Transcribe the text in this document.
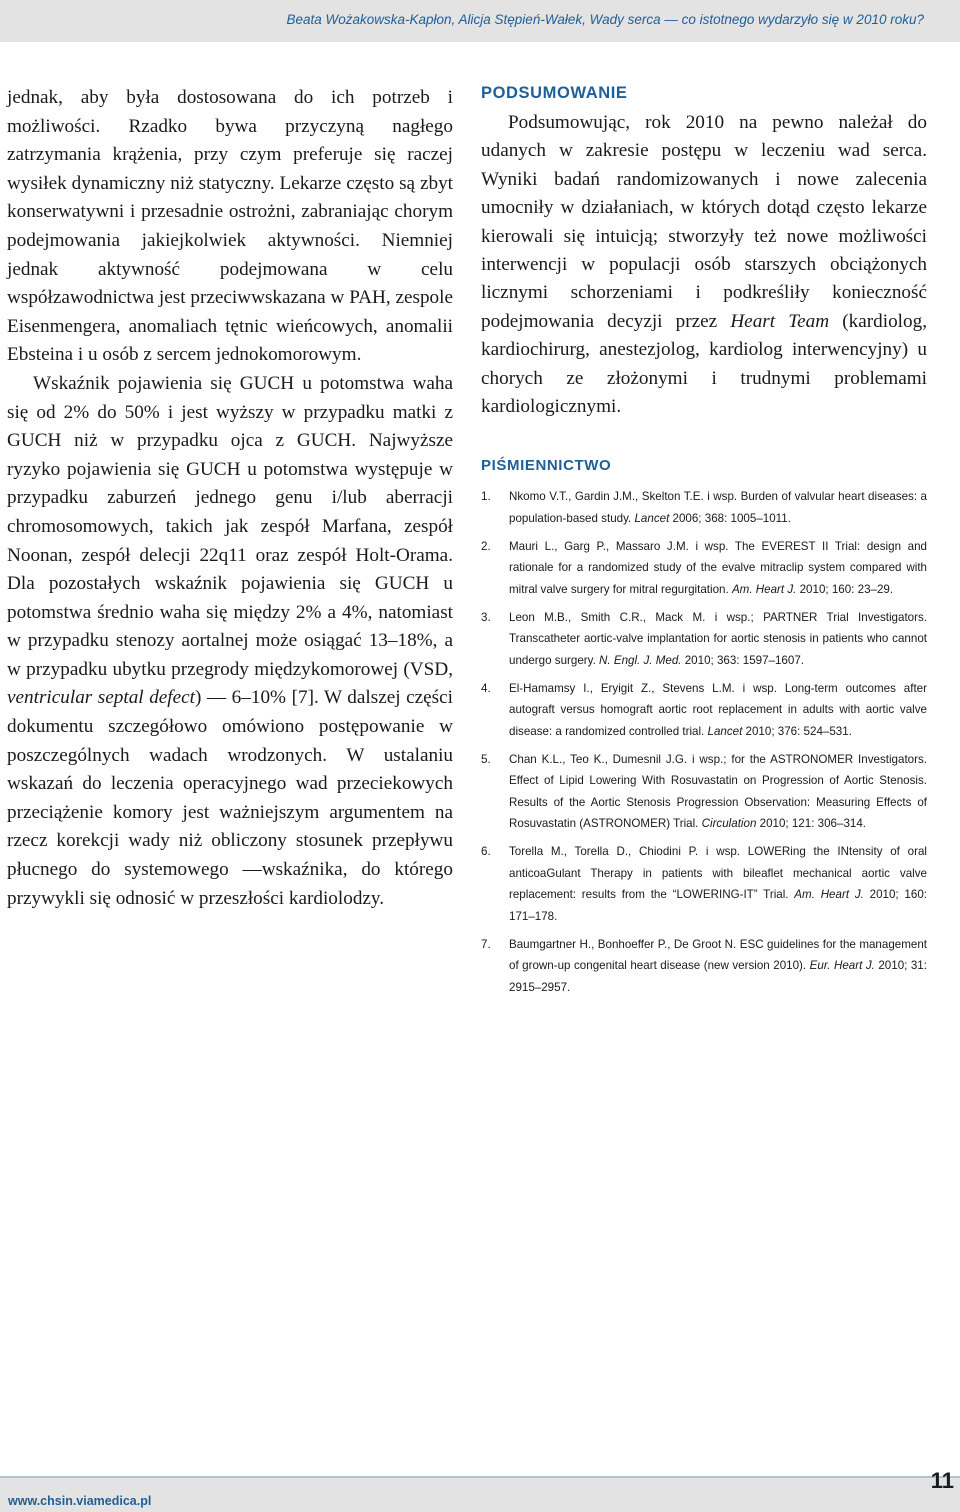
Beata Wożakowska-Kapłon, Alicja Stępień-Wałek, Wady serca — co istotnego wydarzyło się w 2010 roku?

jednak, aby była dostosowana do ich potrzeb i możliwości. Rzadko bywa przyczyną nagłego zatrzymania krążenia, przy czym preferuje się raczej wysiłek dynamiczny niż statyczny. Lekarze często są zbyt konserwatywni i przesadnie ostrożni, zabraniając chorym podejmowania jakiejkolwiek aktywności. Niemniej jednak aktywność podejmowana w celu współzawodnictwa jest przeciwwskazana w PAH, zespole Eisenmengera, anomaliach tętnic wieńcowych, anomalii Ebsteina i u osób z sercem jednokomorowym.

Wskaźnik pojawienia się GUCH u potomstwa waha się od 2% do 50% i jest wyższy w przypadku matki z GUCH niż w przypadku ojca z GUCH. Najwyższe ryzyko pojawienia się GUCH u potomstwa występuje w przypadku zaburzeń jednego genu i/lub aberracji chromosomowych, takich jak zespół Marfana, zespół Noonan, zespół delecji 22q11 oraz zespół Holt-Orama. Dla pozostałych wskaźnik pojawienia się GUCH u potomstwa średnio waha się między 2% a 4%, natomiast w przypadku stenozy aortalnej może osiągać 13–18%, a w przypadku ubytku przegrody międzykomorowej (VSD, ventricular septal defect) — 6–10% [7]. W dalszej części dokumentu szczegółowo omówiono postępowanie w poszczególnych wadach wrodzonych. W ustalaniu wskazań do leczenia operacyjnego wad przeciekowych przeciążenie komory jest ważniejszym argumentem na rzecz korekcji wady niż obliczony stosunek przepływu płucnego do systemowego —wskaźnika, do którego przywykli się odnosić w przeszłości kardiolodzy.

PODSUMOWANIE

Podsumowując, rok 2010 na pewno należał do udanych w zakresie postępu w leczeniu wad serca. Wyniki badań randomizowanych i nowe zalecenia umocniły w działaniach, w których dotąd często lekarze kierowali się intuicją; stworzyły też nowe możliwości interwencji w populacji osób starszych obciążonych licznymi schorzeniami i podkreśliły konieczność podejmowania decyzji przez Heart Team (kardiolog, kardiochirurg, anestezjolog, kardiolog interwencyjny) u chorych ze złożonymi i trudnymi problemami kardiologicznymi.

PIŚMIENNICTWO
1. Nkomo V.T., Gardin J.M., Skelton T.E. i wsp. Burden of valvular heart diseases: a population-based study. Lancet 2006; 368: 1005–1011.
2. Mauri L., Garg P., Massaro J.M. i wsp. The EVEREST II Trial: design and rationale for a randomized study of the evalve mitraclip system compared with mitral valve surgery for mitral regurgitation. Am. Heart J. 2010; 160: 23–29.
3. Leon M.B., Smith C.R., Mack M. i wsp.; PARTNER Trial Investigators. Transcatheter aortic-valve implantation for aortic stenosis in patients who cannot undergo surgery. N. Engl. J. Med. 2010; 363: 1597–1607.
4. El-Hamamsy I., Eryigit Z., Stevens L.M. i wsp. Long-term outcomes after autograft versus homograft aortic root replacement in adults with aortic valve disease: a randomized controlled trial. Lancet 2010; 376: 524–531.
5. Chan K.L., Teo K., Dumesnil J.G. i wsp.; for the ASTRONOMER Investigators. Effect of Lipid Lowering With Rosuvastatin on Progression of Aortic Stenosis. Results of the Aortic Stenosis Progression Observation: Measuring Effects of Rosuvastatin (ASTRONOMER) Trial. Circulation 2010; 121: 306–314.
6. Torella M., Torella D., Chiodini P. i wsp. LOWERing the INtensity of oral anticoaGulant Therapy in patients with bileaflet mechanical aortic valve replacement: results from the “LOWERING-IT” Trial. Am. Heart J. 2010; 160: 171–178.
7. Baumgartner H., Bonhoeffer P., De Groot N. ESC guidelines for the management of grown-up congenital heart disease (new version 2010). Eur. Heart J. 2010; 31: 2915–2957.
www.chsin.viamedica.pl
11
